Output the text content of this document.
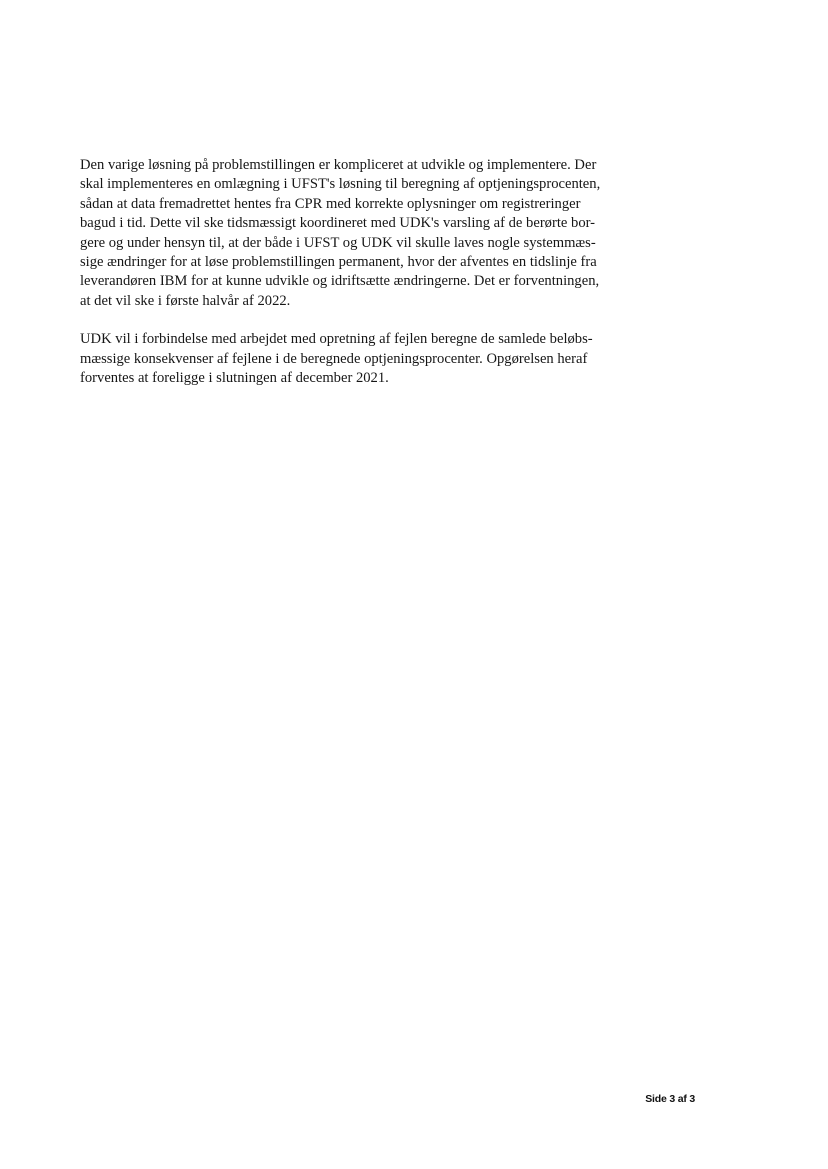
Den varige løsning på problemstillingen er kompliceret at udvikle og implementere. Der
skal implementeres en omlægning i UFST's løsning til beregning af optjeningsprocenten,
sådan at data fremadrettet hentes fra CPR med korrekte oplysninger om registreringer
bagud i tid. Dette vil ske tidsmæssigt koordineret med UDK's varsling af de berørte bor-
gere og under hensyn til, at der både i UFST og UDK vil skulle laves nogle systemmæs-
sige ændringer for at løse problemstillingen permanent, hvor der afventes en tidslinje fra
leverandøren IBM for at kunne udvikle og idriftsætte ændringerne. Det er forventningen,
at det vil ske i første halvår af 2022.

UDK vil i forbindelse med arbejdet med opretning af fejlen beregne de samlede beløbs-
mæssige konsekvenser af fejlene i de beregnede optjeningsprocenter. Opgørelsen heraf
forventes at foreligge i slutningen af december 2021.

Side 3 af 3
